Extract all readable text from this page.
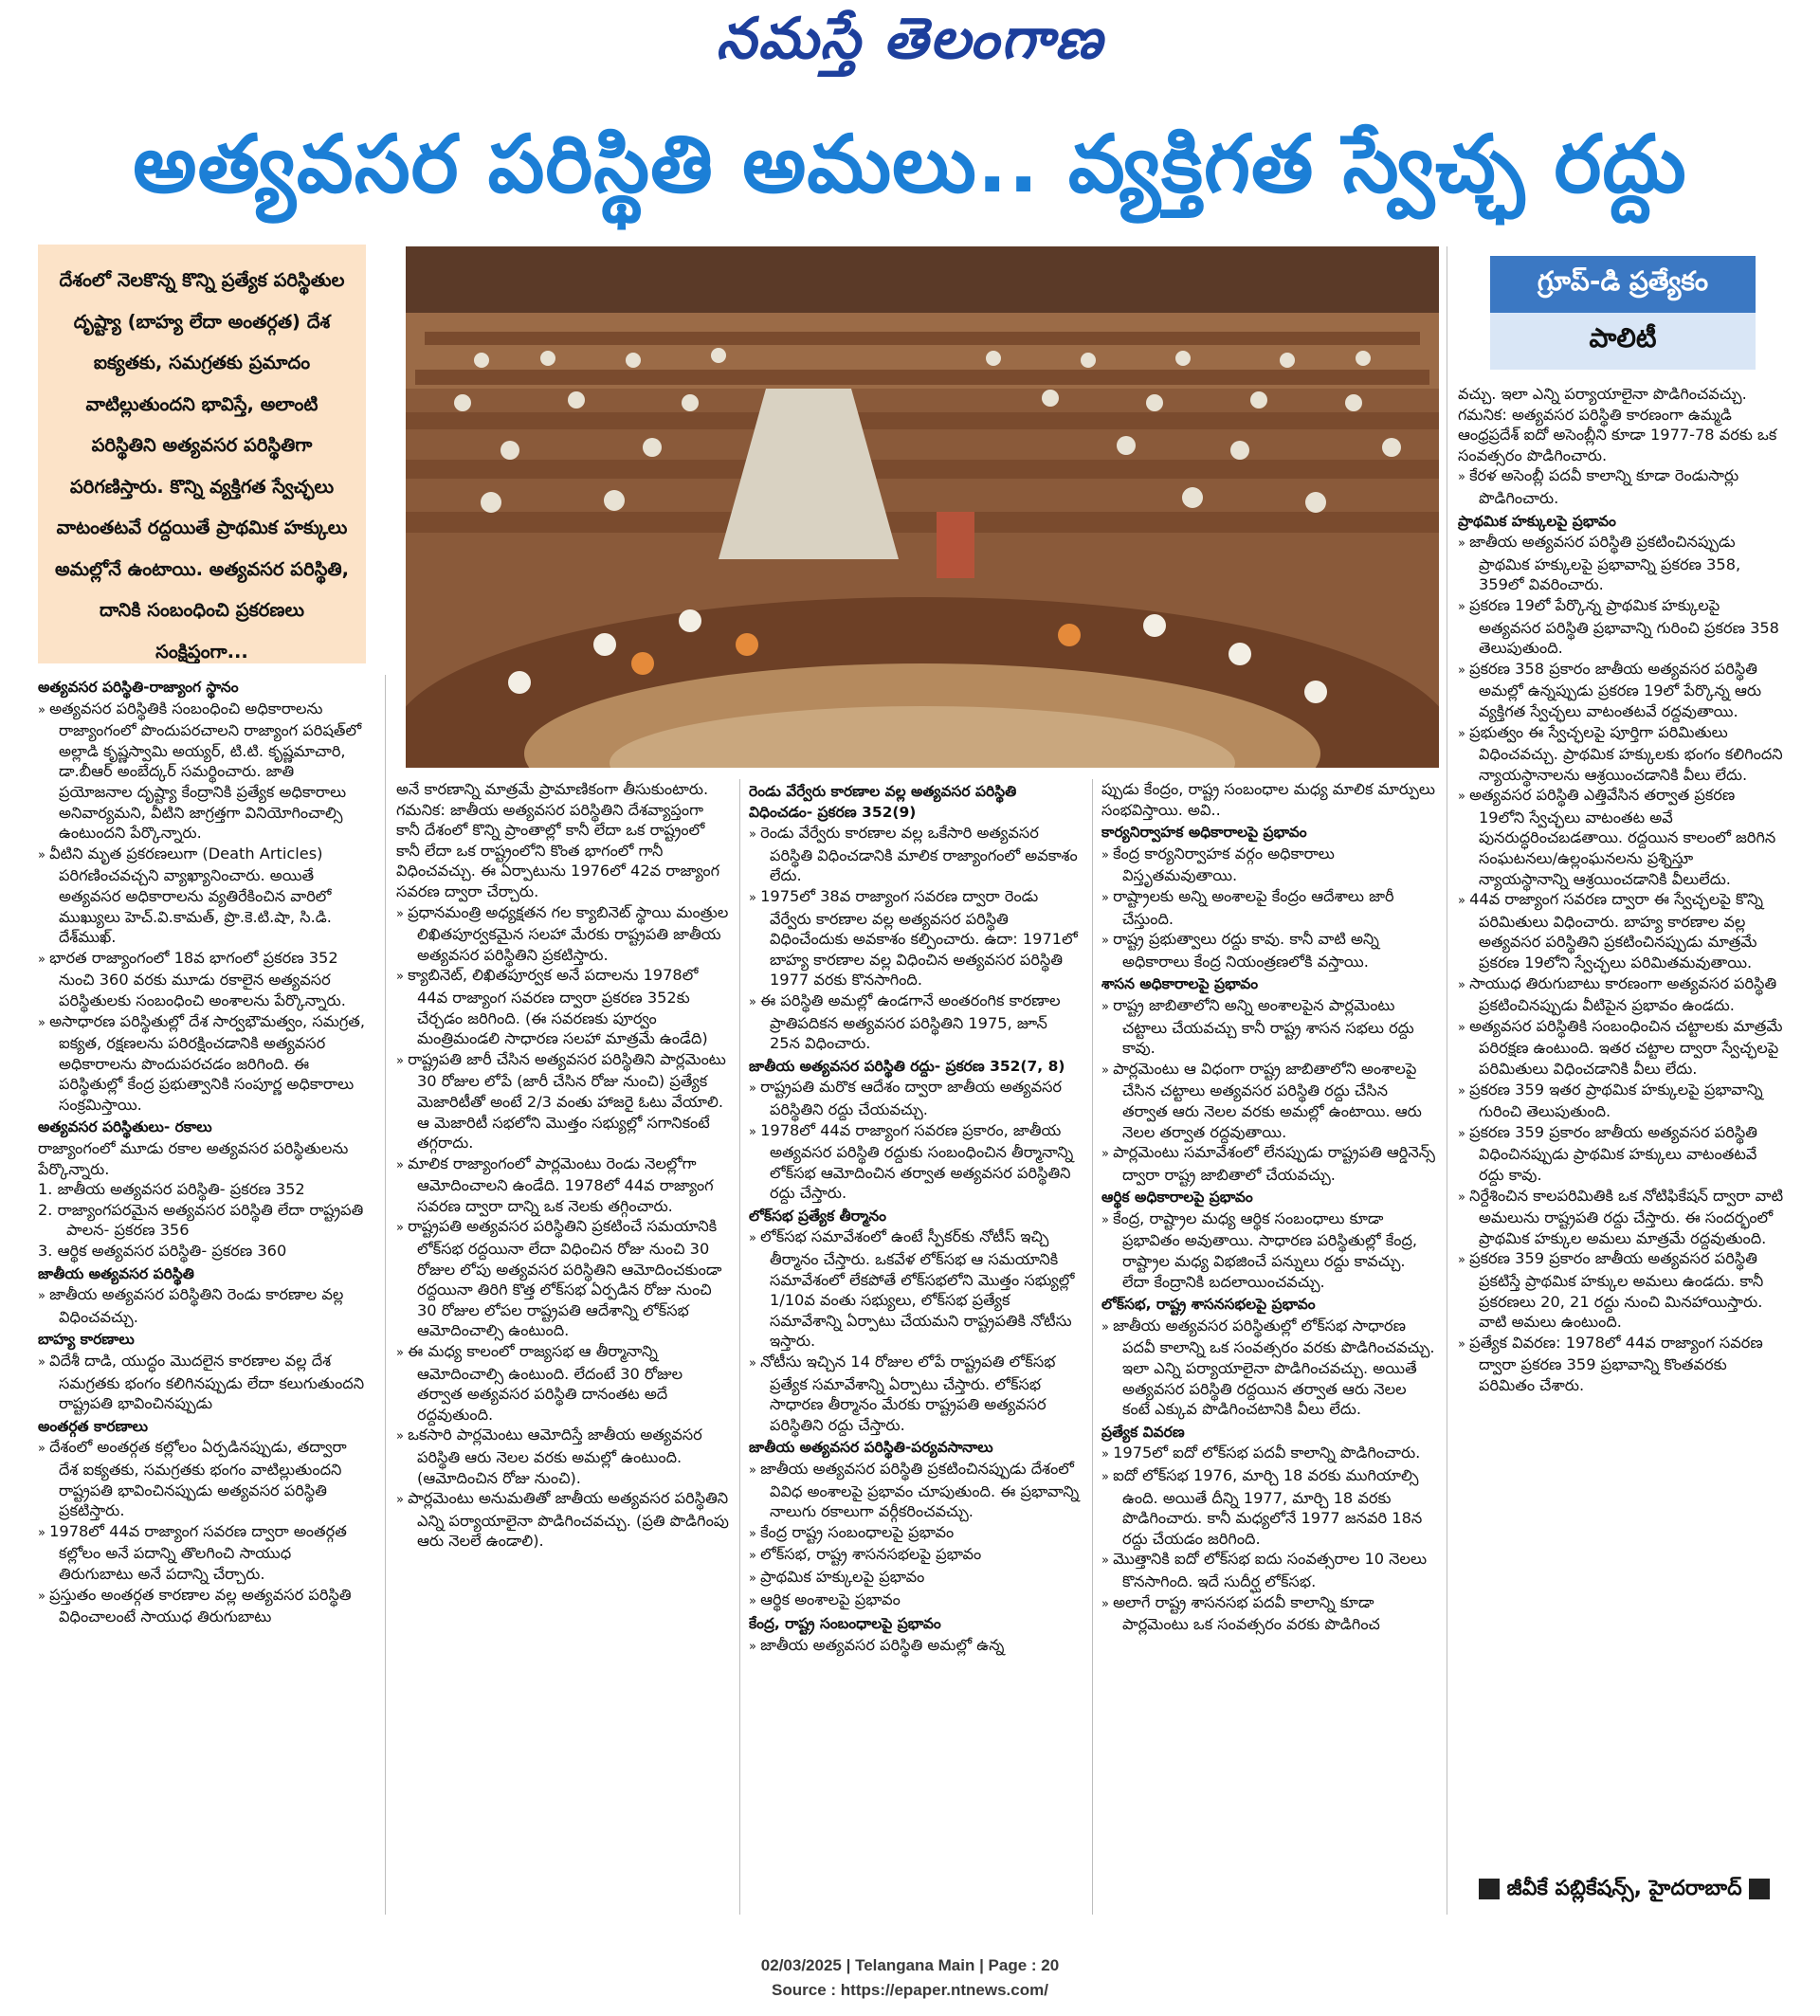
నమస్తే తెలంగాణ
అత్యవసర పరిస్థితి అమలు.. వ్యక్తిగత స్వేచ్ఛ రద్దు
దేశంలో నెలకొన్న కొన్ని ప్రత్యేక పరిస్థితుల దృష్ట్యా (బాహ్య లేదా అంతర్గత) దేశ ఐక్యతకు, సమగ్రతకు ప్రమాదం వాటిల్లుతుందని భావిస్తే, అలాంటి పరిస్థితిని అత్యవసర పరిస్థితిగా పరిగణిస్తారు. కొన్ని వ్యక్తిగత స్వేచ్ఛలు వాటంతటవే రద్దయితే ప్రాథమిక హక్కులు అమల్లోనే ఉంటాయి. అత్యవసర పరిస్థితి, దానికి సంబంధించి ప్రకరణలు సంక్షిప్తంగా...
గ్రూప్-డి ప్రత్యేకం
పాలిటీ

అత్యవసర పరిస్థితి-రాజ్యాంగ స్థానం

» అత్యవసర పరిస్థితికి సంబంధించి అధికారాలను రాజ్యాంగంలో పొందుపరచాలని రాజ్యాంగ పరిషత్‌లో అల్లాడి కృష్ణస్వామి అయ్యర్, టి.టి. కృష్ణమాచారి, డా.బీఆర్ అంబేద్కర్ సమర్థించారు. జాతి ప్రయోజనాల దృష్ట్యా కేంద్రానికి ప్రత్యేక అధికారాలు అనివార్యమని, వీటిని జాగ్రత్తగా వినియోగించాల్సి ఉంటుందని పేర్కొన్నారు.

» వీటిని మృత ప్రకరణలుగా (Death Articles) పరిగణించవచ్చని వ్యాఖ్యానించారు. అయితే అత్యవసర అధికారాలను వ్యతిరేకించిన వారిలో ముఖ్యులు హెచ్.వి.కామత్, ప్రొ.కె.టి.షా, సి.డి. దేశ్‌ముఖ్.

» భారత రాజ్యాంగంలో 18వ భాగంలో ప్రకరణ 352 నుంచి 360 వరకు మూడు రకాలైన అత్యవసర పరిస్థితులకు సంబంధించి అంశాలను పేర్కొన్నారు.

» అసాధారణ పరిస్థితుల్లో దేశ సార్వభౌమత్వం, సమగ్రత, ఐక్యత, రక్షణలను పరిరక్షించడానికి అత్యవసర అధికారాలను పొందుపరచడం జరిగింది. ఈ పరిస్థితుల్లో కేంద్ర ప్రభుత్వానికి సంపూర్ణ అధికారాలు సంక్రమిస్తాయి.

అత్యవసర పరిస్థితులు- రకాలు

రాజ్యాంగంలో మూడు రకాల అత్యవసర పరిస్థితులను పేర్కొన్నారు.

1. జాతీయ అత్యవసర పరిస్థితి- ప్రకరణ 352

2. రాజ్యాంగపరమైన అత్యవసర పరిస్థితి లేదా రాష్ట్రపతి పాలన- ప్రకరణ 356

3. ఆర్థిక అత్యవసర పరిస్థితి- ప్రకరణ 360

జాతీయ అత్యవసర పరిస్థితి

» జాతీయ అత్యవసర పరిస్థితిని రెండు కారణాల వల్ల విధించవచ్చు.

బాహ్య కారణాలు

» విదేశీ దాడి, యుద్ధం మొదలైన కారణాల వల్ల దేశ సమగ్రతకు భంగం కలిగినప్పుడు లేదా కలుగుతుందని రాష్ట్రపతి భావించినప్పుడు

అంతర్గత కారణాలు

» దేశంలో అంతర్గత కల్లోలం ఏర్పడినప్పుడు, తద్వారా దేశ ఐక్యతకు, సమగ్రతకు భంగం వాటిల్లుతుందని రాష్ట్రపతి భావించినప్పుడు అత్యవసర పరిస్థితి ప్రకటిస్తారు.

» 1978లో 44వ రాజ్యాంగ సవరణ ద్వారా అంతర్గత కల్లోలం అనే పదాన్ని తొలగించి సాయుధ తిరుగుబాటు అనే పదాన్ని చేర్చారు.

» ప్రస్తుతం అంతర్గత కారణాల వల్ల అత్యవసర పరిస్థితి విధించాలంటే సాయుధ తిరుగుబాటు

అనే కారణాన్ని మాత్రమే ప్రామాణికంగా తీసుకుంటారు.

గమనిక: జాతీయ అత్యవసర పరిస్థితిని దేశవ్యాప్తంగా కానీ దేశంలో కొన్ని ప్రాంతాల్లో కానీ లేదా ఒక రాష్ట్రంలో కానీ లేదా ఒక రాష్ట్రంలోని కొంత భాగంలో గానీ విధించవచ్చు. ఈ ఏర్పాటును 1976లో 42వ రాజ్యాంగ సవరణ ద్వారా చేర్చారు.

» ప్రధానమంత్రి అధ్యక్షతన గల క్యాబినెట్ స్థాయి మంత్రుల లిఖితపూర్వకమైన సలహా మేరకు రాష్ట్రపతి జాతీయ అత్యవసర పరిస్థితిని ప్రకటిస్తారు.

» క్యాబినెట్, లిఖితపూర్వక అనే పదాలను 1978లో 44వ రాజ్యాంగ సవరణ ద్వారా ప్రకరణ 352కు చేర్చడం జరిగింది. (ఈ సవరణకు పూర్వం మంత్రిమండలి సాధారణ సలహా మాత్రమే ఉండేది)

» రాష్ట్రపతి జారీ చేసిన అత్యవసర పరిస్థితిని పార్లమెంటు 30 రోజుల లోపే (జారీ చేసిన రోజు నుంచి) ప్రత్యేక మెజారిటీతో అంటే 2/3 వంతు హాజరై ఓటు వేయాలి. ఆ మెజారిటీ సభలోని మొత్తం సభ్యుల్లో సగానికంటే తగ్గరాదు.

» మాలిక రాజ్యాంగంలో పార్లమెంటు రెండు నెలల్లోగా ఆమోదించాలని ఉండేది. 1978లో 44వ రాజ్యాంగ సవరణ ద్వారా దాన్ని ఒక నెలకు తగ్గించారు.

» రాష్ట్రపతి అత్యవసర పరిస్థితిని ప్రకటించే సమయానికి లోక్‌సభ రద్దయినా లేదా విధించిన రోజు నుంచి 30 రోజుల లోపు అత్యవసర పరిస్థితిని ఆమోదించకుండా రద్దయినా తిరిగి కొత్త లోక్‌సభ ఏర్పడిన రోజు నుంచి 30 రోజుల లోపల రాష్ట్రపతి ఆదేశాన్ని లోక్‌సభ ఆమోదించాల్సి ఉంటుంది.

» ఈ మధ్య కాలంలో రాజ్యసభ ఆ తీర్మానాన్ని ఆమోదించాల్సి ఉంటుంది. లేదంటే 30 రోజుల తర్వాత అత్యవసర పరిస్థితి దానంతట అదే రద్దవుతుంది.

» ఒకసారి పార్లమెంటు ఆమోదిస్తే జాతీయ అత్యవసర పరిస్థితి ఆరు నెలల వరకు అమల్లో ఉంటుంది. (ఆమోదించిన రోజు నుంచి).

» పార్లమెంటు అనుమతితో జాతీయ అత్యవసర పరిస్థితిని ఎన్ని పర్యాయాలైనా పొడిగించవచ్చు. (ప్రతి పొడిగింపు ఆరు నెలలే ఉండాలి).

రెండు వేర్వేరు కారణాల వల్ల అత్యవసర పరిస్థితి విధించడం- ప్రకరణ 352(9)

» రెండు వేర్వేరు కారణాల వల్ల ఒకేసారి అత్యవసర పరిస్థితి విధించడానికి మాలిక రాజ్యాంగంలో అవకాశం లేదు.

» 1975లో 38వ రాజ్యాంగ సవరణ ద్వారా రెండు వేర్వేరు కారణాల వల్ల అత్యవసర పరిస్థితి విధించేందుకు అవకాశం కల్పించారు. ఉదా: 1971లో బాహ్య కారణాల వల్ల విధించిన అత్యవసర పరిస్థితి 1977 వరకు కొనసాగింది.

» ఈ పరిస్థితి అమల్లో ఉండగానే అంతరంగిక కారణాల ప్రాతిపదికన అత్యవసర పరిస్థితిని 1975, జూన్ 25న విధించారు.

జాతీయ అత్యవసర పరిస్థితి రద్దు- ప్రకరణ 352(7, 8)

» రాష్ట్రపతి మరొక ఆదేశం ద్వారా జాతీయ అత్యవసర పరిస్థితిని రద్దు చేయవచ్చు.

» 1978లో 44వ రాజ్యాంగ సవరణ ప్రకారం, జాతీయ అత్యవసర పరిస్థితి రద్దుకు సంబంధించిన తీర్మానాన్ని లోక్‌సభ ఆమోదించిన తర్వాత అత్యవసర పరిస్థితిని రద్దు చేస్తారు.

లోక్‌సభ ప్రత్యేక తీర్మానం

» లోక్‌సభ సమావేశంలో ఉంటే స్పీకర్‌కు నోటీస్ ఇచ్చి తీర్మానం చేస్తారు. ఒకవేళ లోక్‌సభ ఆ సమయానికి సమావేశంలో లేకపోతే లోక్‌సభలోని మొత్తం సభ్యుల్లో 1/10వ వంతు సభ్యులు, లోక్‌సభ ప్రత్యేక సమావేశాన్ని ఏర్పాటు చేయమని రాష్ట్రపతికి నోటీసు ఇస్తారు.

» నోటీసు ఇచ్చిన 14 రోజుల లోపే రాష్ట్రపతి లోక్‌సభ ప్రత్యేక సమావేశాన్ని ఏర్పాటు చేస్తారు. లోక్‌సభ సాధారణ తీర్మానం మేరకు రాష్ట్రపతి అత్యవసర పరిస్థితిని రద్దు చేస్తారు.

జాతీయ అత్యవసర పరిస్థితి-పర్యవసానాలు

» జాతీయ అత్యవసర పరిస్థితి ప్రకటించినప్పుడు దేశంలో వివిధ అంశాలపై ప్రభావం చూపుతుంది. ఈ ప్రభావాన్ని నాలుగు రకాలుగా వర్గీకరించవచ్చు.

» కేంద్ర రాష్ట్ర సంబంధాలపై ప్రభావం

» లోక్‌సభ, రాష్ట్ర శాసనసభలపై ప్రభావం

» ప్రాథమిక హక్కులపై ప్రభావం

» ఆర్థిక అంశాలపై ప్రభావం

కేంద్ర, రాష్ట్ర సంబంధాలపై ప్రభావం

» జాతీయ అత్యవసర పరిస్థితి అమల్లో ఉన్న

ప్పుడు కేంద్రం, రాష్ట్ర సంబంధాల మధ్య మాలిక మార్పులు సంభవిస్తాయి. అవి..

కార్యనిర్వాహక అధికారాలపై ప్రభావం

» కేంద్ర కార్యనిర్వాహక వర్గం అధికారాలు విస్తృతమవుతాయి.

» రాష్ట్రాలకు అన్ని అంశాలపై కేంద్రం ఆదేశాలు జారీ చేస్తుంది.

» రాష్ట్ర ప్రభుత్వాలు రద్దు కావు. కానీ వాటి అన్ని అధికారాలు కేంద్ర నియంత్రణలోకి వస్తాయి.

శాసన అధికారాలపై ప్రభావం

» రాష్ట్ర జాబితాలోని అన్ని అంశాలపైన పార్లమెంటు చట్టాలు చేయవచ్చు కానీ రాష్ట్ర శాసన సభలు రద్దు కావు.

» పార్లమెంటు ఆ విధంగా రాష్ట్ర జాబితాలోని అంశాలపై చేసిన చట్టాలు అత్యవసర పరిస్థితి రద్దు చేసిన తర్వాత ఆరు నెలల వరకు అమల్లో ఉంటాయి. ఆరు నెలల తర్వాత రద్దవుతాయి.

» పార్లమెంటు సమావేశంలో లేనప్పుడు రాష్ట్రపతి ఆర్డినెన్స్ ద్వారా రాష్ట్ర జాబితాలో చేయవచ్చు.

ఆర్థిక అధికారాలపై ప్రభావం

» కేంద్ర, రాష్ట్రాల మధ్య ఆర్థిక సంబంధాలు కూడా ప్రభావితం అవుతాయి. సాధారణ పరిస్థితుల్లో కేంద్ర, రాష్ట్రాల మధ్య విభజించే పన్నులు రద్దు కావచ్చు. లేదా కేంద్రానికి బదలాయించవచ్చు.

లోక్‌సభ, రాష్ట్ర శాసనసభలపై ప్రభావం

» జాతీయ అత్యవసర పరిస్థితుల్లో లోక్‌సభ సాధారణ పదవీ కాలాన్ని ఒక సంవత్సరం వరకు పొడిగించవచ్చు. ఇలా ఎన్ని పర్యాయాలైనా పొడిగించవచ్చు. అయితే అత్యవసర పరిస్థితి రద్దయిన తర్వాత ఆరు నెలల కంటే ఎక్కువ పొడిగించటానికి వీలు లేదు.

ప్రత్యేక వివరణ

» 1975లో ఐదో లోక్‌సభ పదవీ కాలాన్ని పొడిగించారు.

» ఐదో లోక్‌సభ 1976, మార్చి 18 వరకు ముగియాల్సి ఉంది. అయితే దీన్ని 1977, మార్చి 18 వరకు పొడిగించారు. కానీ మధ్యలోనే 1977 జనవరి 18న రద్దు చేయడం జరిగింది.

» మొత్తానికి ఐదో లోక్‌సభ ఐదు సంవత్సరాల 10 నెలలు కొనసాగింది. ఇదే సుదీర్ఘ లోక్‌సభ.

» అలాగే రాష్ట్ర శాసనసభ పదవీ కాలాన్ని కూడా పార్లమెంటు ఒక సంవత్సరం వరకు పొడిగించ

వచ్చు. ఇలా ఎన్ని పర్యాయాలైనా పొడిగించవచ్చు.

గమనిక: అత్యవసర పరిస్థితి కారణంగా ఉమ్మడి ఆంధ్రప్రదేశ్ ఐదో అసెంబ్లీని కూడా 1977-78 వరకు ఒక సంవత్సరం పొడిగించారు.

» కేరళ అసెంబ్లీ పదవీ కాలాన్ని కూడా రెండుసార్లు పొడిగించారు.

ప్రాథమిక హక్కులపై ప్రభావం

» జాతీయ అత్యవసర పరిస్థితి ప్రకటించినప్పుడు ప్రాథమిక హక్కులపై ప్రభావాన్ని ప్రకరణ 358, 359లో వివరించారు.

» ప్రకరణ 19లో పేర్కొన్న ప్రాథమిక హక్కులపై అత్యవసర పరిస్థితి ప్రభావాన్ని గురించి ప్రకరణ 358 తెలుపుతుంది.

» ప్రకరణ 358 ప్రకారం జాతీయ అత్యవసర పరిస్థితి అమల్లో ఉన్నప్పుడు ప్రకరణ 19లో పేర్కొన్న ఆరు వ్యక్తిగత స్వేచ్ఛలు వాటంతటవే రద్దవుతాయి.

» ప్రభుత్వం ఈ స్వేచ్ఛలపై పూర్తిగా పరిమితులు విధించవచ్చు. ప్రాథమిక హక్కులకు భంగం కలిగిందని న్యాయస్థానాలను ఆశ్రయించడానికి వీలు లేదు.

» అత్యవసర పరిస్థితి ఎత్తివేసిన తర్వాత ప్రకరణ 19లోని స్వేచ్ఛలు వాటంతట అవే పునరుద్ధరించబడతాయి. రద్దయిన కాలంలో జరిగిన సంఘటనలు/ఉల్లంఘనలను ప్రశ్నిస్తూ న్యాయస్థానాన్ని ఆశ్రయించడానికి వీలులేదు.

» 44వ రాజ్యాంగ సవరణ ద్వారా ఈ స్వేచ్ఛలపై కొన్ని పరిమితులు విధించారు. బాహ్య కారణాల వల్ల అత్యవసర పరిస్థితిని ప్రకటించినప్పుడు మాత్రమే ప్రకరణ 19లోని స్వేచ్ఛలు పరిమితమవుతాయి.

» సాయుధ తిరుగుబాటు కారణంగా అత్యవసర పరిస్థితి ప్రకటించినప్పుడు వీటిపైన ప్రభావం ఉండదు.

» అత్యవసర పరిస్థితికి సంబంధించిన చట్టాలకు మాత్రమే పరిరక్షణ ఉంటుంది. ఇతర చట్టాల ద్వారా స్వేచ్ఛలపై పరిమితులు విధించడానికి వీలు లేదు.

» ప్రకరణ 359 ఇతర ప్రాథమిక హక్కులపై ప్రభావాన్ని గురించి తెలుపుతుంది.

» ప్రకరణ 359 ప్రకారం జాతీయ అత్యవసర పరిస్థితి విధించినప్పుడు ప్రాథమిక హక్కులు వాటంతటవే రద్దు కావు.

» నిర్దేశించిన కాలపరిమితికి ఒక నోటిఫికేషన్ ద్వారా వాటి అమలును రాష్ట్రపతి రద్దు చేస్తారు. ఈ సందర్భంలో ప్రాథమిక హక్కుల అమలు మాత్రమే రద్దవుతుంది.

» ప్రకరణ 359 ప్రకారం జాతీయ అత్యవసర పరిస్థితి ప్రకటిస్తే ప్రాథమిక హక్కుల అమలు ఉండదు. కానీ ప్రకరణలు 20, 21 రద్దు నుంచి మినహాయిస్తారు. వాటి అమలు ఉంటుంది.

» ప్రత్యేక వివరణ: 1978లో 44వ రాజ్యాంగ సవరణ ద్వారా ప్రకరణ 359 ప్రభావాన్ని కొంతవరకు పరిమితం చేశారు.

జీవీకే పబ్లికేషన్స్, హైదరాబాద్
02/03/2025 | Telangana Main | Page : 20
Source : https://epaper.ntnews.com/
